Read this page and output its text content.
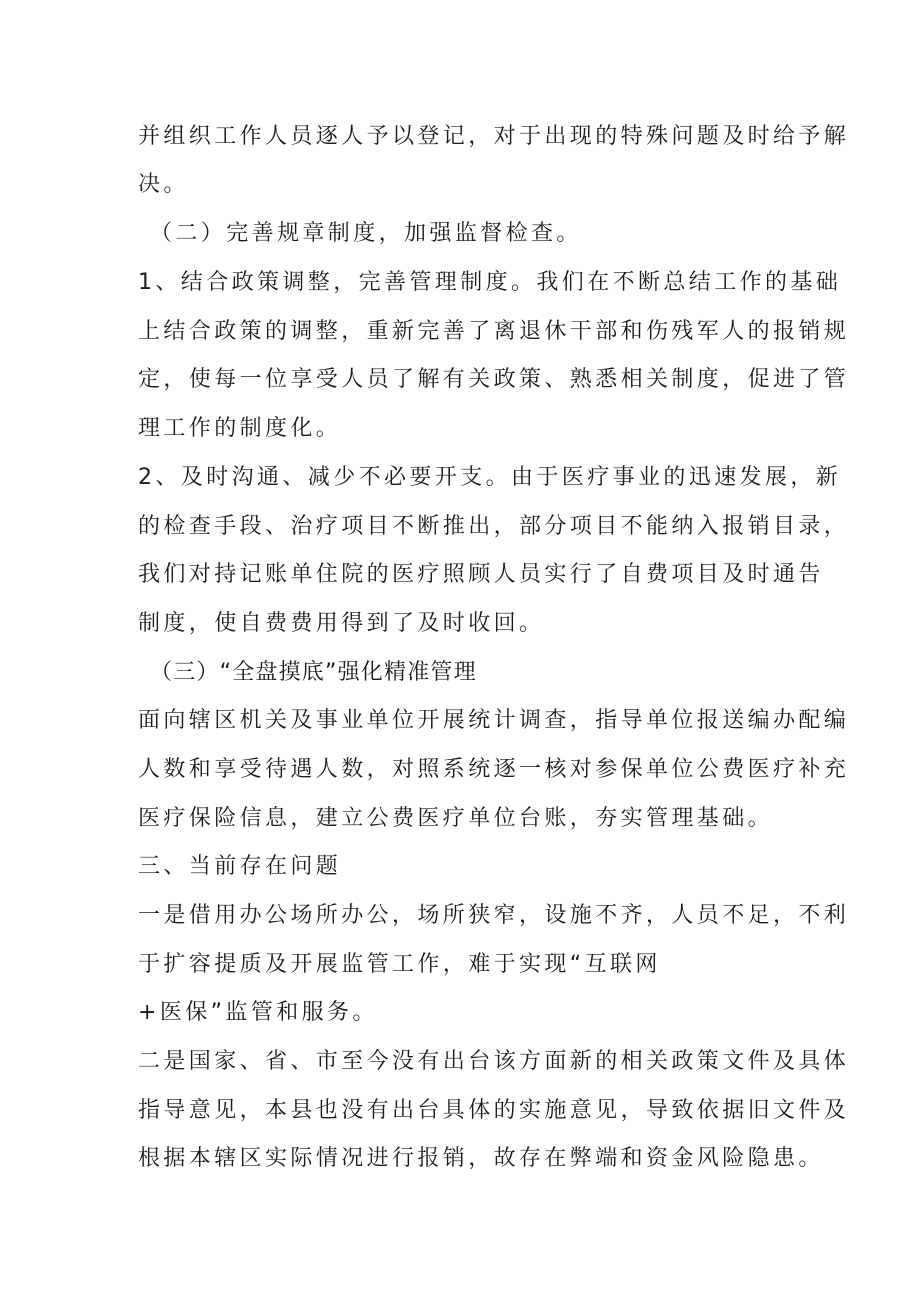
并组织工作人员逐人予以登记，对于出现的特殊问题及时给予解
决。
（二）完善规章制度，加强监督检查。
1、结合政策调整，完善管理制度。我们在不断总结工作的基础
上结合政策的调整，重新完善了离退休干部和伤残军人的报销规
定，使每一位享受人员了解有关政策、熟悉相关制度，促进了管
理工作的制度化。
2、及时沟通、减少不必要开支。由于医疗事业的迅速发展，新
的检查手段、治疗项目不断推出，部分项目不能纳入报销目录，
我们对持记账单住院的医疗照顾人员实行了自费项目及时通告
制度，使自费费用得到了及时收回。
（三）“全盘摸底”强化精准管理
面向辖区机关及事业单位开展统计调查，指导单位报送编办配编
人数和享受待遇人数，对照系统逐一核对参保单位公费医疗补充
医疗保险信息，建立公费医疗单位台账，夯实管理基础。
三、当前存在问题
一是借用办公场所办公，场所狭窄，设施不齐，人员不足，不利
于扩容提质及开展监管工作，难于实现“互联网
+医保”监管和服务。
二是国家、省、市至今没有出台该方面新的相关政策文件及具体
指导意见，本县也没有出台具体的实施意见，导致依据旧文件及
根据本辖区实际情况进行报销，故存在弊端和资金风险隐患。
